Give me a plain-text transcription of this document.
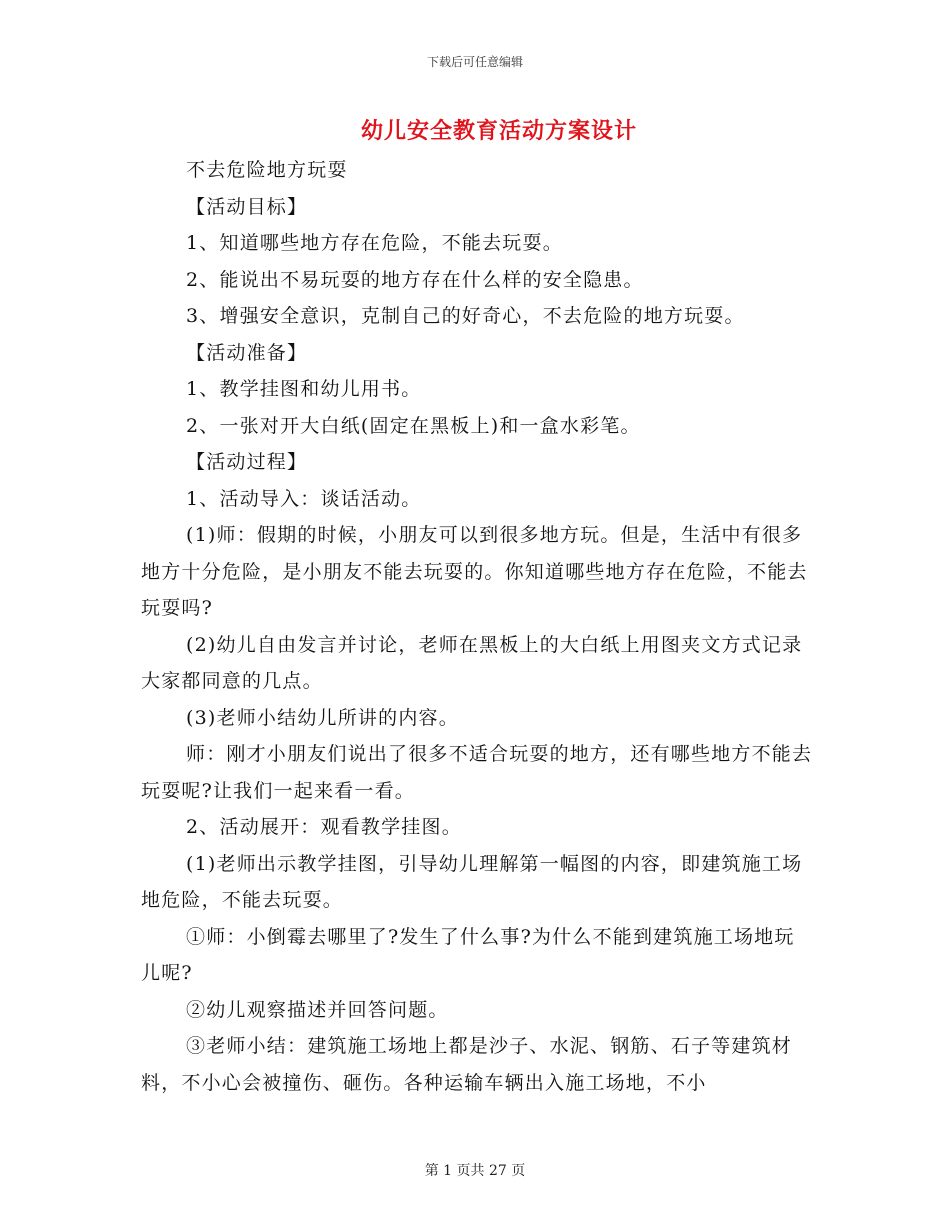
下载后可任意编辑
幼儿安全教育活动方案设计

不去危险地方玩耍

【活动目标】

1、知道哪些地方存在危险，不能去玩耍。

2、能说出不易玩耍的地方存在什么样的安全隐患。

3、增强安全意识，克制自己的好奇心，不去危险的地方玩耍。

【活动准备】

1、教学挂图和幼儿用书。

2、一张对开大白纸(固定在黑板上)和一盒水彩笔。

【活动过程】

1、活动导入：谈话活动。

(1)师：假期的时候，小朋友可以到很多地方玩。但是，生活中有很多地方十分危险，是小朋友不能去玩耍的。你知道哪些地方存在危险，不能去玩耍吗?

(2)幼儿自由发言并讨论，老师在黑板上的大白纸上用图夹文方式记录大家都同意的几点。

(3)老师小结幼儿所讲的内容。

师：刚才小朋友们说出了很多不适合玩耍的地方，还有哪些地方不能去玩耍呢?让我们一起来看一看。

2、活动展开：观看教学挂图。

(1)老师出示教学挂图，引导幼儿理解第一幅图的内容，即建筑施工场地危险，不能去玩耍。

①师：小倒霉去哪里了?发生了什么事?为什么不能到建筑施工场地玩儿呢?

②幼儿观察描述并回答问题。

③老师小结：建筑施工场地上都是沙子、水泥、钢筋、石子等建筑材料，不小心会被撞伤、砸伤。各种运输车辆出入施工场地，不小

第 1 页共 27 页
